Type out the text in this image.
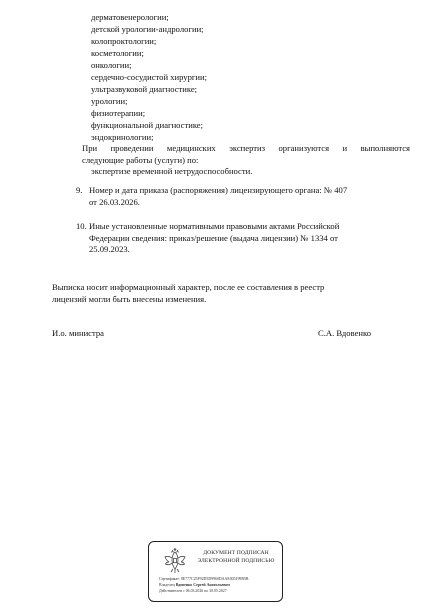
дерматовенерологии;
детской урологии-андрологии;
колопроктологии;
косметологии;
онкологии;
сердечно-сосудистой хирургии;
ультразвуковой диагностике;
урологии;
физиотерапии;
функциональной диагностике;
эндокринологии;
При проведении медицинских экспертиз организуются и выполняются
следующие работы (услуги) по:
экспертизе временной нетрудоспособности.
9. Номер и дата приказа (распоряжения) лицензирующего органа: № 407
от 26.03.2026.
10. Иные установленные нормативными правовыми актами Российской
Федерации сведения: приказ/решение (выдача лицензии) № 1334 от
25.09.2023.
Выписка носит информационный характер, после ее составления в реестр
лицензий могли быть внесены изменения.
И.о. министра	С.А. Вдовенко
ДОКУМЕНТ ПОДПИСАН
ЭЛЕКТРОННОЙ ПОДПИСЬЮ
Сертификат: 0E777C25F92D5D9960DAAE005199B5B
Владелец Вдовенко Сергей Анатольевич
Действителен с 06.03.2026 по 30.05.2027
